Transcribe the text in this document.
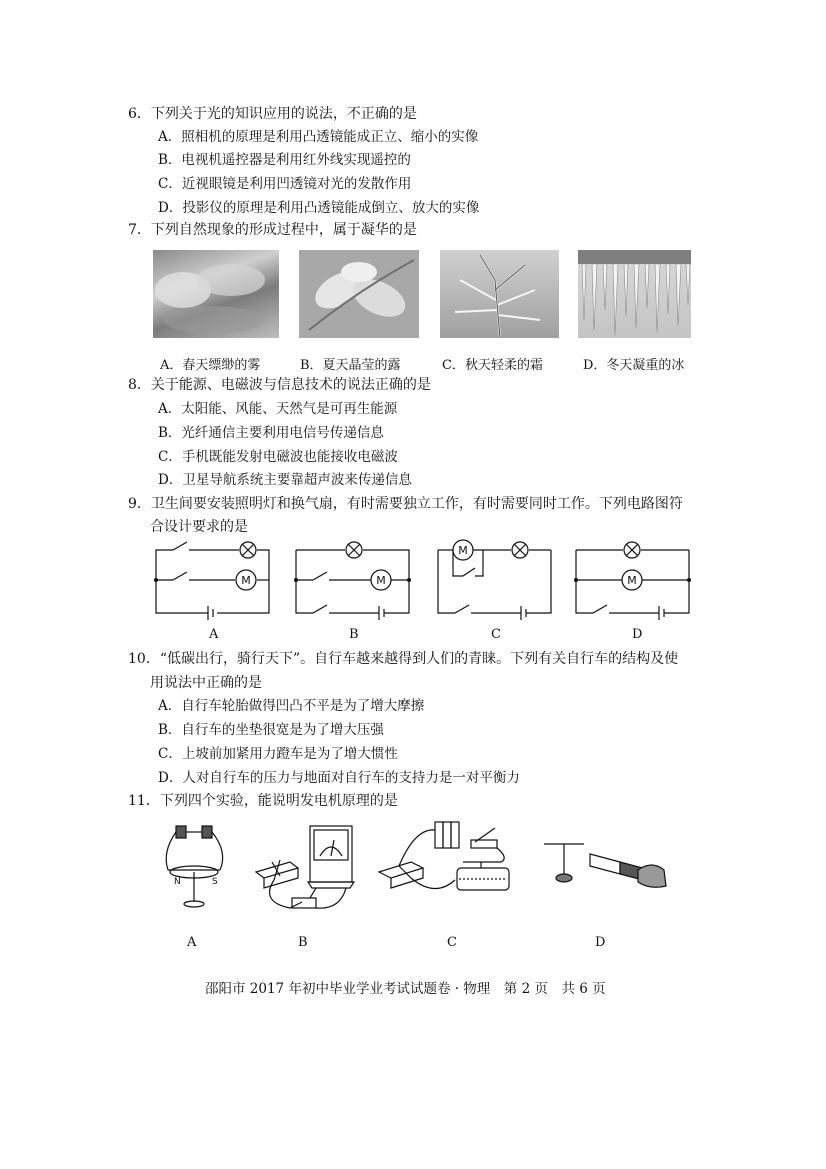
6．下列关于光的知识应用的说法，不正确的是
A．照相机的原理是利用凸透镜能成正立、缩小的实像
B．电视机遥控器是利用红外线实现遥控的
C．近视眼镜是利用凹透镜对光的发散作用
D．投影仪的原理是利用凸透镜能成倒立、放大的实像
7．下列自然现象的形成过程中，属于凝华的是
A．春天缥缈的雾	B．夏天晶莹的露	C．秋天轻柔的霜	D．冬天凝重的冰
8．关于能源、电磁波与信息技术的说法正确的是
A．太阳能、风能、天然气是可再生能源
B．光纤通信主要利用电信号传递信息
C．手机既能发射电磁波也能接收电磁波
D．卫星导航系统主要靠超声波来传递信息
9．卫生间要安装照明灯和换气扇，有时需要独立工作，有时需要同时工作。下列电路图符
合设计要求的是
M	M
M
M
A	B	C	D
10．“低碳出行，骑行天下”。自行车越来越得到人们的青睐。下列有关自行车的结构及使
用说法中正确的是
A．自行车轮胎做得凹凸不平是为了增大摩擦
B．自行车的坐垫很宽是为了增大压强
C．上坡前加紧用力蹬车是为了增大惯性
D．人对自行车的压力与地面对自行车的支持力是一对平衡力
11．下列四个实验，能说明发电机原理的是
N	S
A	B	C	D
邵阳市 2017 年初中毕业学业考试试题卷 · 物理　第 2 页　共 6 页
